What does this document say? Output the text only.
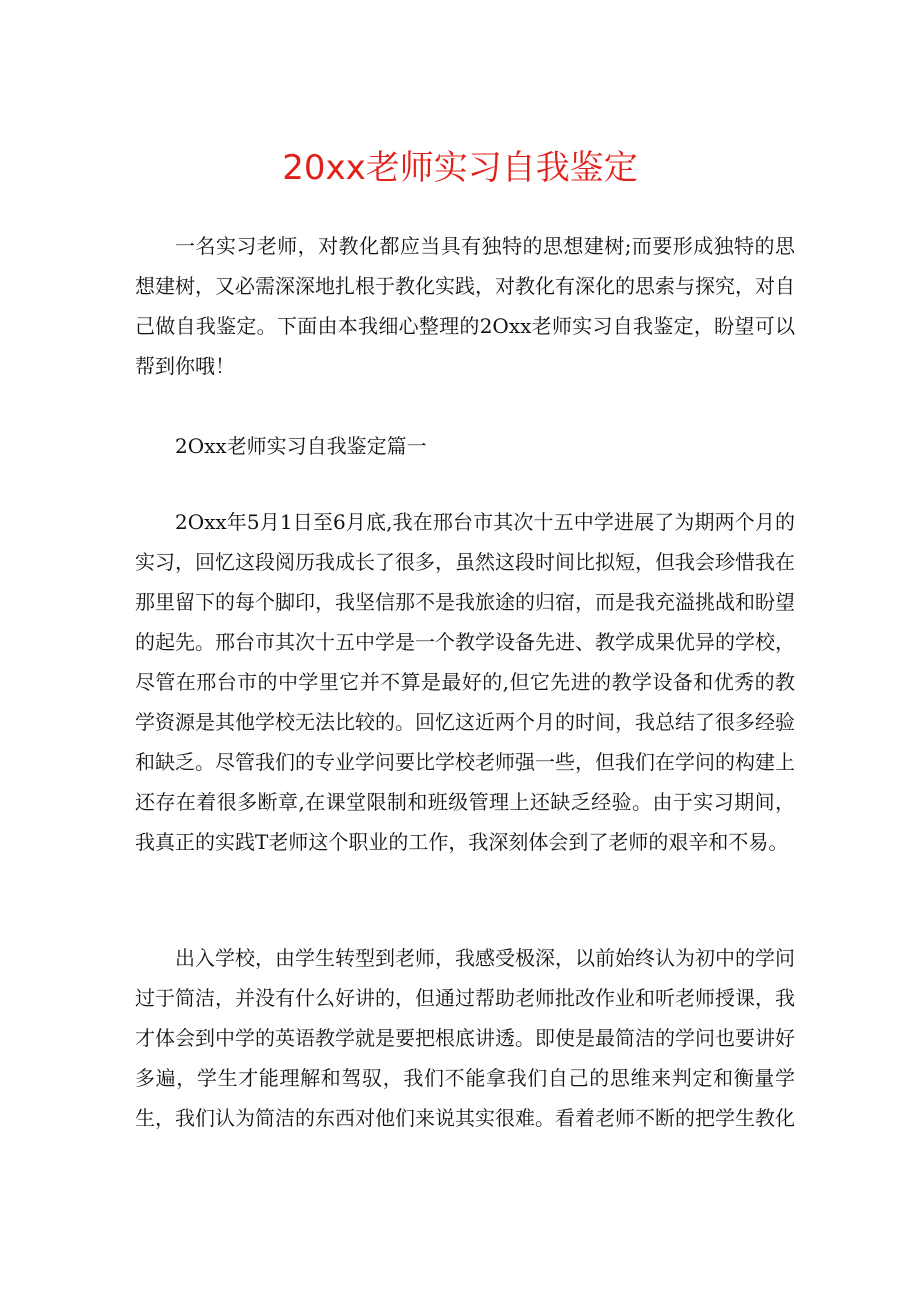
20xx老师实习自我鉴定

一名实习老师，对教化都应当具有独特的思想建树;而要形成独特的思想建树，又必需深深地扎根于教化实践，对教化有深化的思索与探究，对自己做自我鉴定。下面由本我细心整理的2Oxx老师实习自我鉴定，盼望可以帮到你哦！

2Oxx老师实习自我鉴定篇一

2Oxx年5月1日至6月底,我在邢台市其次十五中学进展了为期两个月的实习，回忆这段阅历我成长了很多，虽然这段时间比拟短，但我会珍惜我在那里留下的每个脚印，我坚信那不是我旅途的归宿，而是我充溢挑战和盼望的起先。邢台市其次十五中学是一个教学设备先进、教学成果优异的学校，尽管在邢台市的中学里它并不算是最好的,但它先进的教学设备和优秀的教学资源是其他学校无法比较的。回忆这近两个月的时间，我总结了很多经验和缺乏。尽管我们的专业学问要比学校老师强一些，但我们在学问的构建上还存在着很多断章,在课堂限制和班级管理上还缺乏经验。由于实习期间，我真正的实践T老师这个职业的工作，我深刻体会到了老师的艰辛和不易。

出入学校，由学生转型到老师，我感受极深，以前始终认为初中的学问过于简洁，并没有什么好讲的，但通过帮助老师批改作业和听老师授课，我才体会到中学的英语教学就是要把根底讲透。即使是最简洁的学问也要讲好多遍，学生才能理解和驾驭，我们不能拿我们自己的思维来判定和衡量学生，我们认为简洁的东西对他们来说其实很难。看着老师不断的把学生教化
